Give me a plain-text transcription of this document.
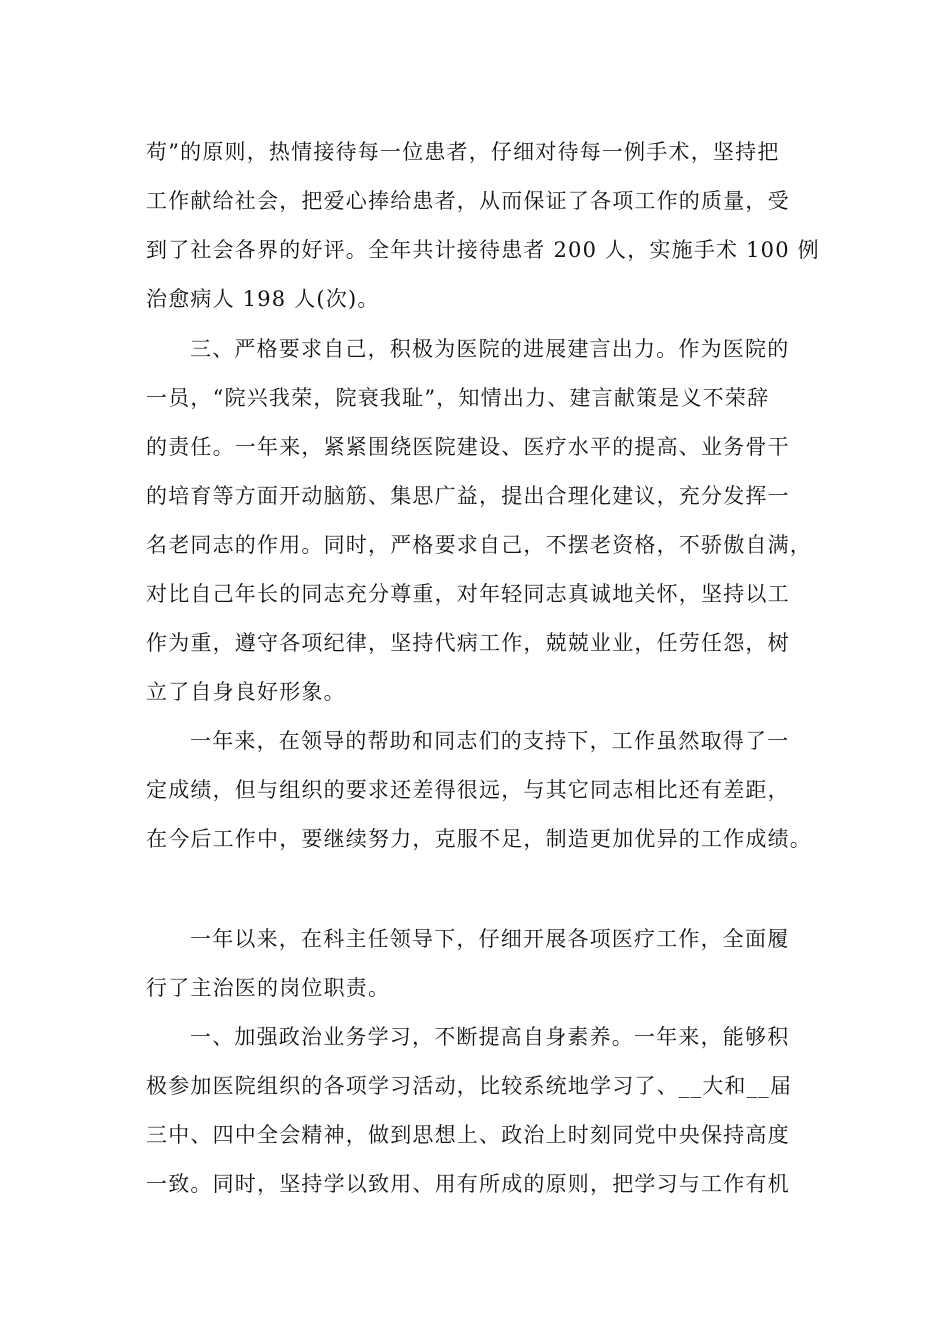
苟”的原则，热情接待每一位患者，仔细对待每一例手术，坚持把
工作献给社会，把爱心捧给患者，从而保证了各项工作的质量，受
到了社会各界的好评。全年共计接待患者 200 人，实施手术 100 例
治愈病人 198 人(次)。
三、严格要求自己，积极为医院的进展建言出力。作为医院的
一员，“院兴我荣，院衰我耻”，知情出力、建言献策是义不荣辞
的责任。一年来，紧紧围绕医院建设、医疗水平的提高、业务骨干
的培育等方面开动脑筋、集思广益，提出合理化建议，充分发挥一
名老同志的作用。同时，严格要求自己，不摆老资格，不骄傲自满，
对比自己年长的同志充分尊重，对年轻同志真诚地关怀，坚持以工
作为重，遵守各项纪律，坚持代病工作，兢兢业业，任劳任怨，树
立了自身良好形象。
一年来，在领导的帮助和同志们的支持下，工作虽然取得了一
定成绩，但与组织的要求还差得很远，与其它同志相比还有差距，
在今后工作中，要继续努力，克服不足，制造更加优异的工作成绩。
一年以来，在科主任领导下，仔细开展各项医疗工作，全面履
行了主治医的岗位职责。
一、加强政治业务学习，不断提高自身素养。一年来，能够积
极参加医院组织的各项学习活动，比较系统地学习了、__大和__届
三中、四中全会精神，做到思想上、政治上时刻同党中央保持高度
一致。同时，坚持学以致用、用有所成的原则，把学习与工作有机
